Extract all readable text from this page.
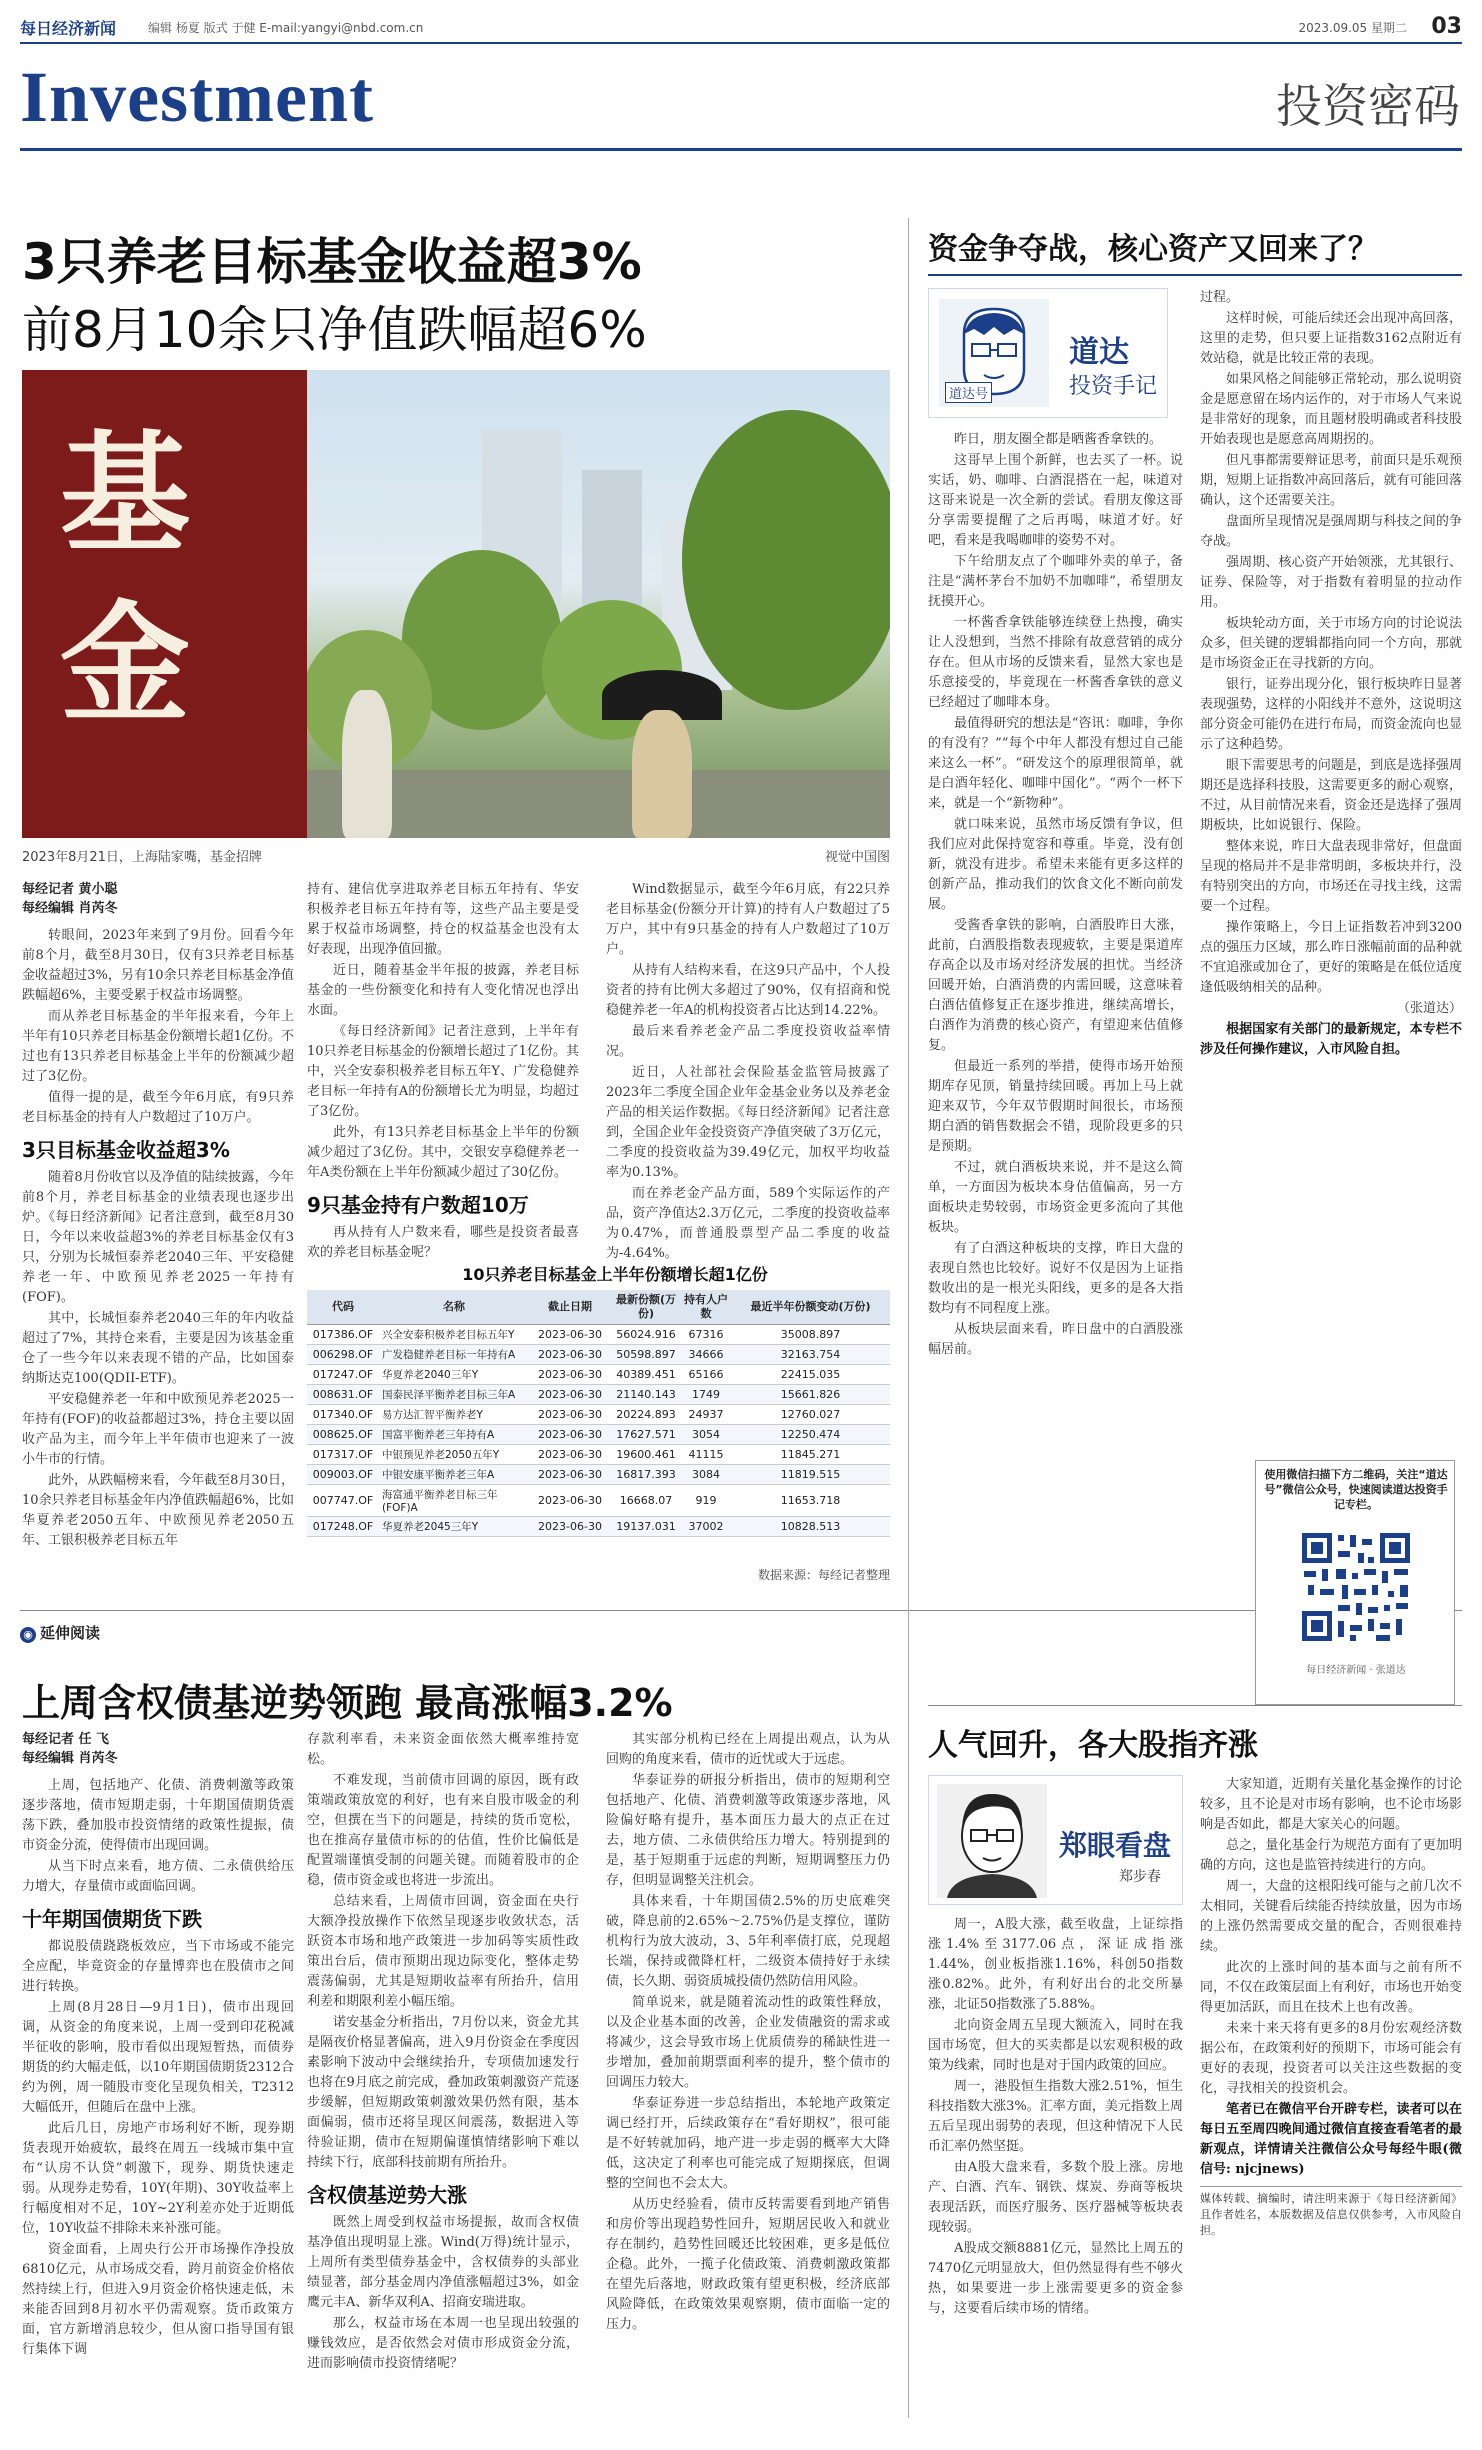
每日经济新闻	编辑 杨夏 版式 于健 E-mail:yangyi@nbd.com.cn	2023.09.05 星期二 03
Investment	投资密码
3只养老目标基金收益超3%
前8月10余只净值跌幅超6%
基
金
2023年8月21日，上海陆家嘴，基金招牌	视觉中国图
每经记者 黄小聪
每经编辑 肖芮冬

转眼间，2023年来到了9月份。回看今年前8个月，截至8月30日，仅有3只养老目标基金收益超过3%，另有10余只养老目标基金净值跌幅超6%，主要受累于权益市场调整。

而从养老目标基金的半年报来看，今年上半年有10只养老目标基金份额增长超1亿份。不过也有13只养老目标基金上半年的份额减少超过了3亿份。

值得一提的是，截至今年6月底，有9只养老目标基金的持有人户数超过了10万户。

3只目标基金收益超3%

随着8月份收官以及净值的陆续披露，今年前8个月，养老目标基金的业绩表现也逐步出炉。《每日经济新闻》记者注意到，截至8月30日，今年以来收益超3%的养老目标基金仅有3只，分别为长城恒泰养老2040三年、平安稳健养老一年、中欧预见养老2025一年持有(FOF)。

其中，长城恒泰养老2040三年的年内收益超过了7%，其持仓来看，主要是因为该基金重仓了一些今年以来表现不错的产品，比如国泰纳斯达克100(QDII-ETF)。

平安稳健养老一年和中欧预见养老2025一年持有(FOF)的收益都超过3%，持仓主要以固收产品为主，而今年上半年债市也迎来了一波小牛市的行情。

此外，从跌幅榜来看，今年截至8月30日，10余只养老目标基金年内净值跌幅超6%，比如华夏养老2050五年、中欧预见养老2050五年、工银积极养老目标五年

持有、建信优享进取养老目标五年持有、华安积极养老目标五年持有等，这些产品主要是受累于权益市场调整，持仓的权益基金也没有太好表现，出现净值回撤。

近日，随着基金半年报的披露，养老目标基金的一些份额变化和持有人变化情况也浮出水面。

《每日经济新闻》记者注意到，上半年有10只养老目标基金的份额增长超过了1亿份。其中，兴全安泰积极养老目标五年Y、广发稳健养老目标一年持有A的份额增长尤为明显，均超过了3亿份。

此外，有13只养老目标基金上半年的份额减少超过了3亿份。其中，交银安享稳健养老一年A类份额在上半年份额减少超过了30亿份。

9只基金持有户数超10万

再从持有人户数来看，哪些是投资者最喜欢的养老目标基金呢？

Wind数据显示，截至今年6月底，有22只养老目标基金(份额分开计算)的持有人户数超过了5万户，其中有9只基金的持有人户数超过了10万户。

从持有人结构来看，在这9只产品中，个人投资者的持有比例大多超过了90%，仅有招商和悦稳健养老一年A的机构投资者占比达到14.22%。

最后来看养老金产品二季度投资收益率情况。

近日，人社部社会保险基金监管局披露了2023年二季度全国企业年金基金业务以及养老金产品的相关运作数据。《每日经济新闻》记者注意到，全国企业年金投资资产净值突破了3万亿元，二季度的投资收益为39.49亿元，加权平均收益率为0.13%。

而在养老金产品方面，589个实际运作的产品，资产净值达2.3万亿元，二季度的投资收益率为0.47%，而普通股票型产品二季度的收益为-4.64%。

10只养老目标基金上半年份额增长超1亿份
代码	名称	截止日期	最新份额(万份)	持有人户数	最近半年份额变动(万份)
017386.OF	兴全安泰积极养老目标五年Y	2023-06-30	56024.916	67316	35008.897
006298.OF	广发稳健养老目标一年持有A	2023-06-30	50598.897	34666	32163.754
017247.OF	华夏养老2040三年Y	2023-06-30	40389.451	65166	22415.035
008631.OF	国泰民泽平衡养老目标三年A	2023-06-30	21140.143	1749	15661.826
017340.OF	易方达汇智平衡养老Y	2023-06-30	20224.893	24937	12760.027
008625.OF	国富平衡养老三年持有A	2023-06-30	17627.571	3054	12250.474
017317.OF	中银预见养老2050五年Y	2023-06-30	19600.461	41115	11845.271
009003.OF	中银安康平衡养老三年A	2023-06-30	16817.393	3084	11819.515
007747.OF	海富通平衡养老目标三年(FOF)A	2023-06-30	16668.07	919	11653.718
017248.OF	华夏养老2045三年Y	2023-06-30	19137.031	37002	10828.513
数据来源：每经记者整理
◉ 延伸阅读
上周含权债基逆势领跑 最高涨幅3.2%
每经记者 任 飞
每经编辑 肖芮冬

上周，包括地产、化债、消费刺激等政策逐步落地，债市短期走弱，十年期国债期货震荡下跌，叠加股市投资情绪的政策性提振，债市资金分流，使得债市出现回调。

从当下时点来看，地方债、二永债供给压力增大，存量债市或面临回调。

十年期国债期货下跌

都说股债跷跷板效应，当下市场或不能完全应配，毕竟资金的存量博弈也在股债市之间进行转换。

上周(8月28日—9月1日)，债市出现回调，从资金的角度来说，上周一受到印花税减半征收的影响，股市看似出现短暂热，而债券期货的约大幅走低，以10年期国债期货2312合约为例，周一随股市变化呈现负相关，T2312大幅低开，但随后在盘中上涨。

此后几日，房地产市场利好不断，现券期货表现开始疲软，最终在周五一线城市集中宣布“认房不认贷”刺激下，现券、期货快速走弱。从现券走势看，10Y(年期)、30Y收益率上行幅度相对不足，10Y~2Y利差亦处于近期低位，10Y收益不排除未来补涨可能。

资金面看，上周央行公开市场操作净投放6810亿元，从市场成交看，跨月前资金价格依然持续上行，但进入9月资金价格快速走低，未来能否回到8月初水平仍需观察。货币政策方面，官方新增消息较少，但从窗口指导国有银行集体下调

存款利率看，未来资金面依然大概率维持宽松。

不难发现，当前债市回调的原因，既有政策端政策放宽的利好，也有来自股市吸金的利空，但撰在当下的问题是，持续的货币宽松，也在推高存量债市标的的估值，性价比偏低是配置端谨慎受制的问题关键。而随着股市的企稳，债市资金或也将进一步流出。

总结来看，上周债市回调，资金面在央行大额净投放操作下依然呈现逐步收敛状态，活跃资本市场和地产政策进一步加码等实质性政策出台后，债市预期出现边际变化，整体走势震荡偏弱，尤其是短期收益率有所抬升，信用利差和期限利差小幅压缩。

诺安基金分析指出，7月份以来，资金尤其是隔夜价格显著偏高，进入9月份资金在季度因素影响下波动中会继续抬升，专项债加速发行也将在9月底之前完成，叠加政策刺激资产荒逐步缓解，但短期政策刺激效果仍然有限，基本面偏弱，债市还将呈现区间震荡，数据进入等待验证期，债市在短期偏谨慎情绪影响下难以持续下行，底部科技前期有所抬升。

含权债基逆势大涨

既然上周受到权益市场提振，故而含权债基净值出现明显上涨。Wind(万得)统计显示，上周所有类型债券基金中，含权债券的头部业绩显著，部分基金周内净值涨幅超过3%，如金鹰元丰A、新华双利A、招商安瑞进取。

那么，权益市场在本周一也呈现出较强的赚钱效应，是否依然会对债市形成资金分流，进而影响债市投资情绪呢？

其实部分机构已经在上周提出观点，认为从回购的角度来看，债市的近忧或大于远虑。

华泰证券的研报分析指出，债市的短期利空包括地产、化债、消费刺激等政策逐步落地，风险偏好略有提升，基本面压力最大的点正在过去，地方债、二永债供给压力增大。特别提到的是，基于短期重于远虑的判断，短期调整压力仍存，但明显调整关注机会。

具体来看，十年期国债2.5%的历史底难突破，降息前的2.65%～2.75%仍是支撑位，谨防机构行为放大波动，3、5年利率债打底，兑现超长端，保持或微降杠杆，二级资本债持好于永续债，长久期、弱资质城投债仍然防信用风险。

简单说来，就是随着流动性的政策性释放，以及企业基本面的改善，企业发债融资的需求或将减少，这会导致市场上优质债券的稀缺性进一步增加，叠加前期票面利率的提升，整个债市的回调压力较大。

华泰证券进一步总结指出，本轮地产政策定调已经打开，后续政策存在“看好期权”，很可能是不好转就加码，地产进一步走弱的概率大大降低，这决定了利率也可能完成了短期探底，但调整的空间也不会太大。

从历史经验看，债市反转需要看到地产销售和房价等出现趋势性回升，短期居民收入和就业存在制约，趋势性回暖还比较困难，更多是低位企稳。此外，一揽子化债政策、消费刺激政策都在望先后落地，财政政策有望更积极，经济底部风险降低，在政策效果观察期，债市面临一定的压力。

资金争夺战，核心资产又回来了？
道达号
道达
投资手记

昨日，朋友圈全都是晒酱香拿铁的。

这哥早上围个新鲜，也去买了一杯。说实话，奶、咖啡、白酒混搭在一起，味道对这哥来说是一次全新的尝试。看朋友像这哥分享需要提醒了之后再喝，味道才好。好吧，看来是我喝咖啡的姿势不对。

下午给朋友点了个咖啡外卖的单子，备注是“满杯茅台不加奶不加咖啡”，希望朋友抚摸开心。

一杯酱香拿铁能够连续登上热搜，确实让人没想到，当然不排除有故意营销的成分存在。但从市场的反馈来看，显然大家也是乐意接受的，毕竟现在一杯酱香拿铁的意义已经超过了咖啡本身。

最值得研究的想法是“咨讯：咖啡，争你的有没有？”“每个中年人都没有想过自己能来这么一杯”。“研发这个的原理很简单，就是白酒年轻化、咖啡中国化”。“两个一杯下来，就是一个“新物种”。

就口味来说，虽然市场反馈有争议，但我们应对此保持宽容和尊重。毕竟，没有创新，就没有进步。希望未来能有更多这样的创新产品，推动我们的饮食文化不断向前发展。

受酱香拿铁的影响，白酒股昨日大涨，此前，白酒股指数表现疲软，主要是渠道库存高企以及市场对经济发展的担忧。当经济回暖开始，白酒消费的内需回暖，这意味着白酒估值修复正在逐步推进，继续高增长，白酒作为消费的核心资产，有望迎来估值修复。

但最近一系列的举措，使得市场开始预期库存见顶，销量持续回暖。再加上马上就迎来双节，今年双节假期时间很长，市场预期白酒的销售数据会不错，现阶段更多的只是预期。

不过，就白酒板块来说，并不是这么简单，一方面因为板块本身估值偏高，另一方面板块走势较弱，市场资金更多流向了其他板块。

有了白酒这种板块的支撑，昨日大盘的表现自然也比较好。说好不仅是因为上证指数收出的是一根光头阳线，更多的是各大指数均有不同程度上涨。

从板块层面来看，昨日盘中的白酒股涨幅居前。

过程。

这样时候，可能后续还会出现冲高回落，这里的走势，但只要上证指数3162点附近有效站稳，就是比较正常的表现。

如果风格之间能够正常轮动，那么说明资金是愿意留在场内运作的，对于市场人气来说是非常好的现象，而且题材股明确或者科技股开始表现也是愿意高周期拐的。

但凡事都需要辩证思考，前面只是乐观预期，短期上证指数冲高回落后，就有可能回落确认，这个还需要关注。

盘面所呈现情况是强周期与科技之间的争夺战。

强周期、核心资产开始领涨，尤其银行、证券、保险等，对于指数有着明显的拉动作用。

板块轮动方面，关于市场方向的讨论说法众多，但关键的逻辑都指向同一个方向，那就是市场资金正在寻找新的方向。

银行，证券出现分化，银行板块昨日显著表现强势，这样的小阳线并不意外，这说明这部分资金可能仍在进行布局，而资金流向也显示了这种趋势。

眼下需要思考的问题是，到底是选择强周期还是选择科技股，这需要更多的耐心观察，不过，从目前情况来看，资金还是选择了强周期板块，比如说银行、保险。

整体来说，昨日大盘表现非常好，但盘面呈现的格局并不是非常明朗，多板块并行，没有特别突出的方向，市场还在寻找主线，这需要一个过程。

操作策略上，今日上证指数若冲到3200点的强压力区域，那么昨日涨幅前面的品种就不宜追涨或加仓了，更好的策略是在低位适度逢低吸纳相关的品种。

（张道达）

根据国家有关部门的最新规定，本专栏不涉及任何操作建议，入市风险自担。

使用微信扫描下方二维码，关注“道达号”微信公众号，快速阅读道达投资手记专栏。
每日经济新闻 · 张道达
人气回升，各大股指齐涨
郑眼看盘
郑步春

周一，A股大涨，截至收盘，上证综指涨1.4%至3177.06点，深证成指涨1.44%，创业板指涨1.16%，科创50指数涨0.82%。此外，有利好出台的北交所暴涨，北证50指数涨了5.88%。

北向资金周五呈现大额流入，同时在我国市场宽，但大的买卖都是以宏观积极的政策为线索，同时也是对于国内政策的回应。

周一，港股恒生指数大涨2.51%，恒生科技指数大涨3%。汇率方面，美元指数上周五后呈现出弱势的表现，但这种情况下人民币汇率仍然坚挺。

由A股大盘来看，多数个股上涨。房地产、白酒、汽车、钢铁、煤炭、券商等板块表现活跃，而医疗服务、医疗器械等板块表现较弱。

A股成交额8881亿元，显然比上周五的7470亿元明显放大，但仍然显得有些不够火热，如果要进一步上涨需要更多的资金参与，这要看后续市场的情绪。

大家知道，近期有关量化基金操作的讨论较多，且不论是对市场有影响，也不论市场影响是否如此，都是大家关心的问题。

总之，量化基金行为规范方面有了更加明确的方向，这也是监管持续进行的方向。

周一，大盘的这根阳线可能与之前几次不太相同，关键看后续能否持续放量，因为市场的上涨仍然需要成交量的配合，否则很难持续。

此次的上涨时间的基本面与之前有所不同，不仅在政策层面上有利好，市场也开始变得更加活跃，而且在技术上也有改善。

未来十来天将有更多的8月份宏观经济数据公布，在政策利好的预期下，市场可能会有更好的表现，投资者可以关注这些数据的变化，寻找相关的投资机会。

笔者已在微信平台开辟专栏，读者可以在每日五至周四晚间通过微信直接查看笔者的最新观点，详情请关注微信公众号每经牛眼(微信号: njcjnews)

媒体转载、摘编时，请注明来源于《每日经济新闻》且作者姓名，本版数据及信息仅供参考，入市风险自担。
